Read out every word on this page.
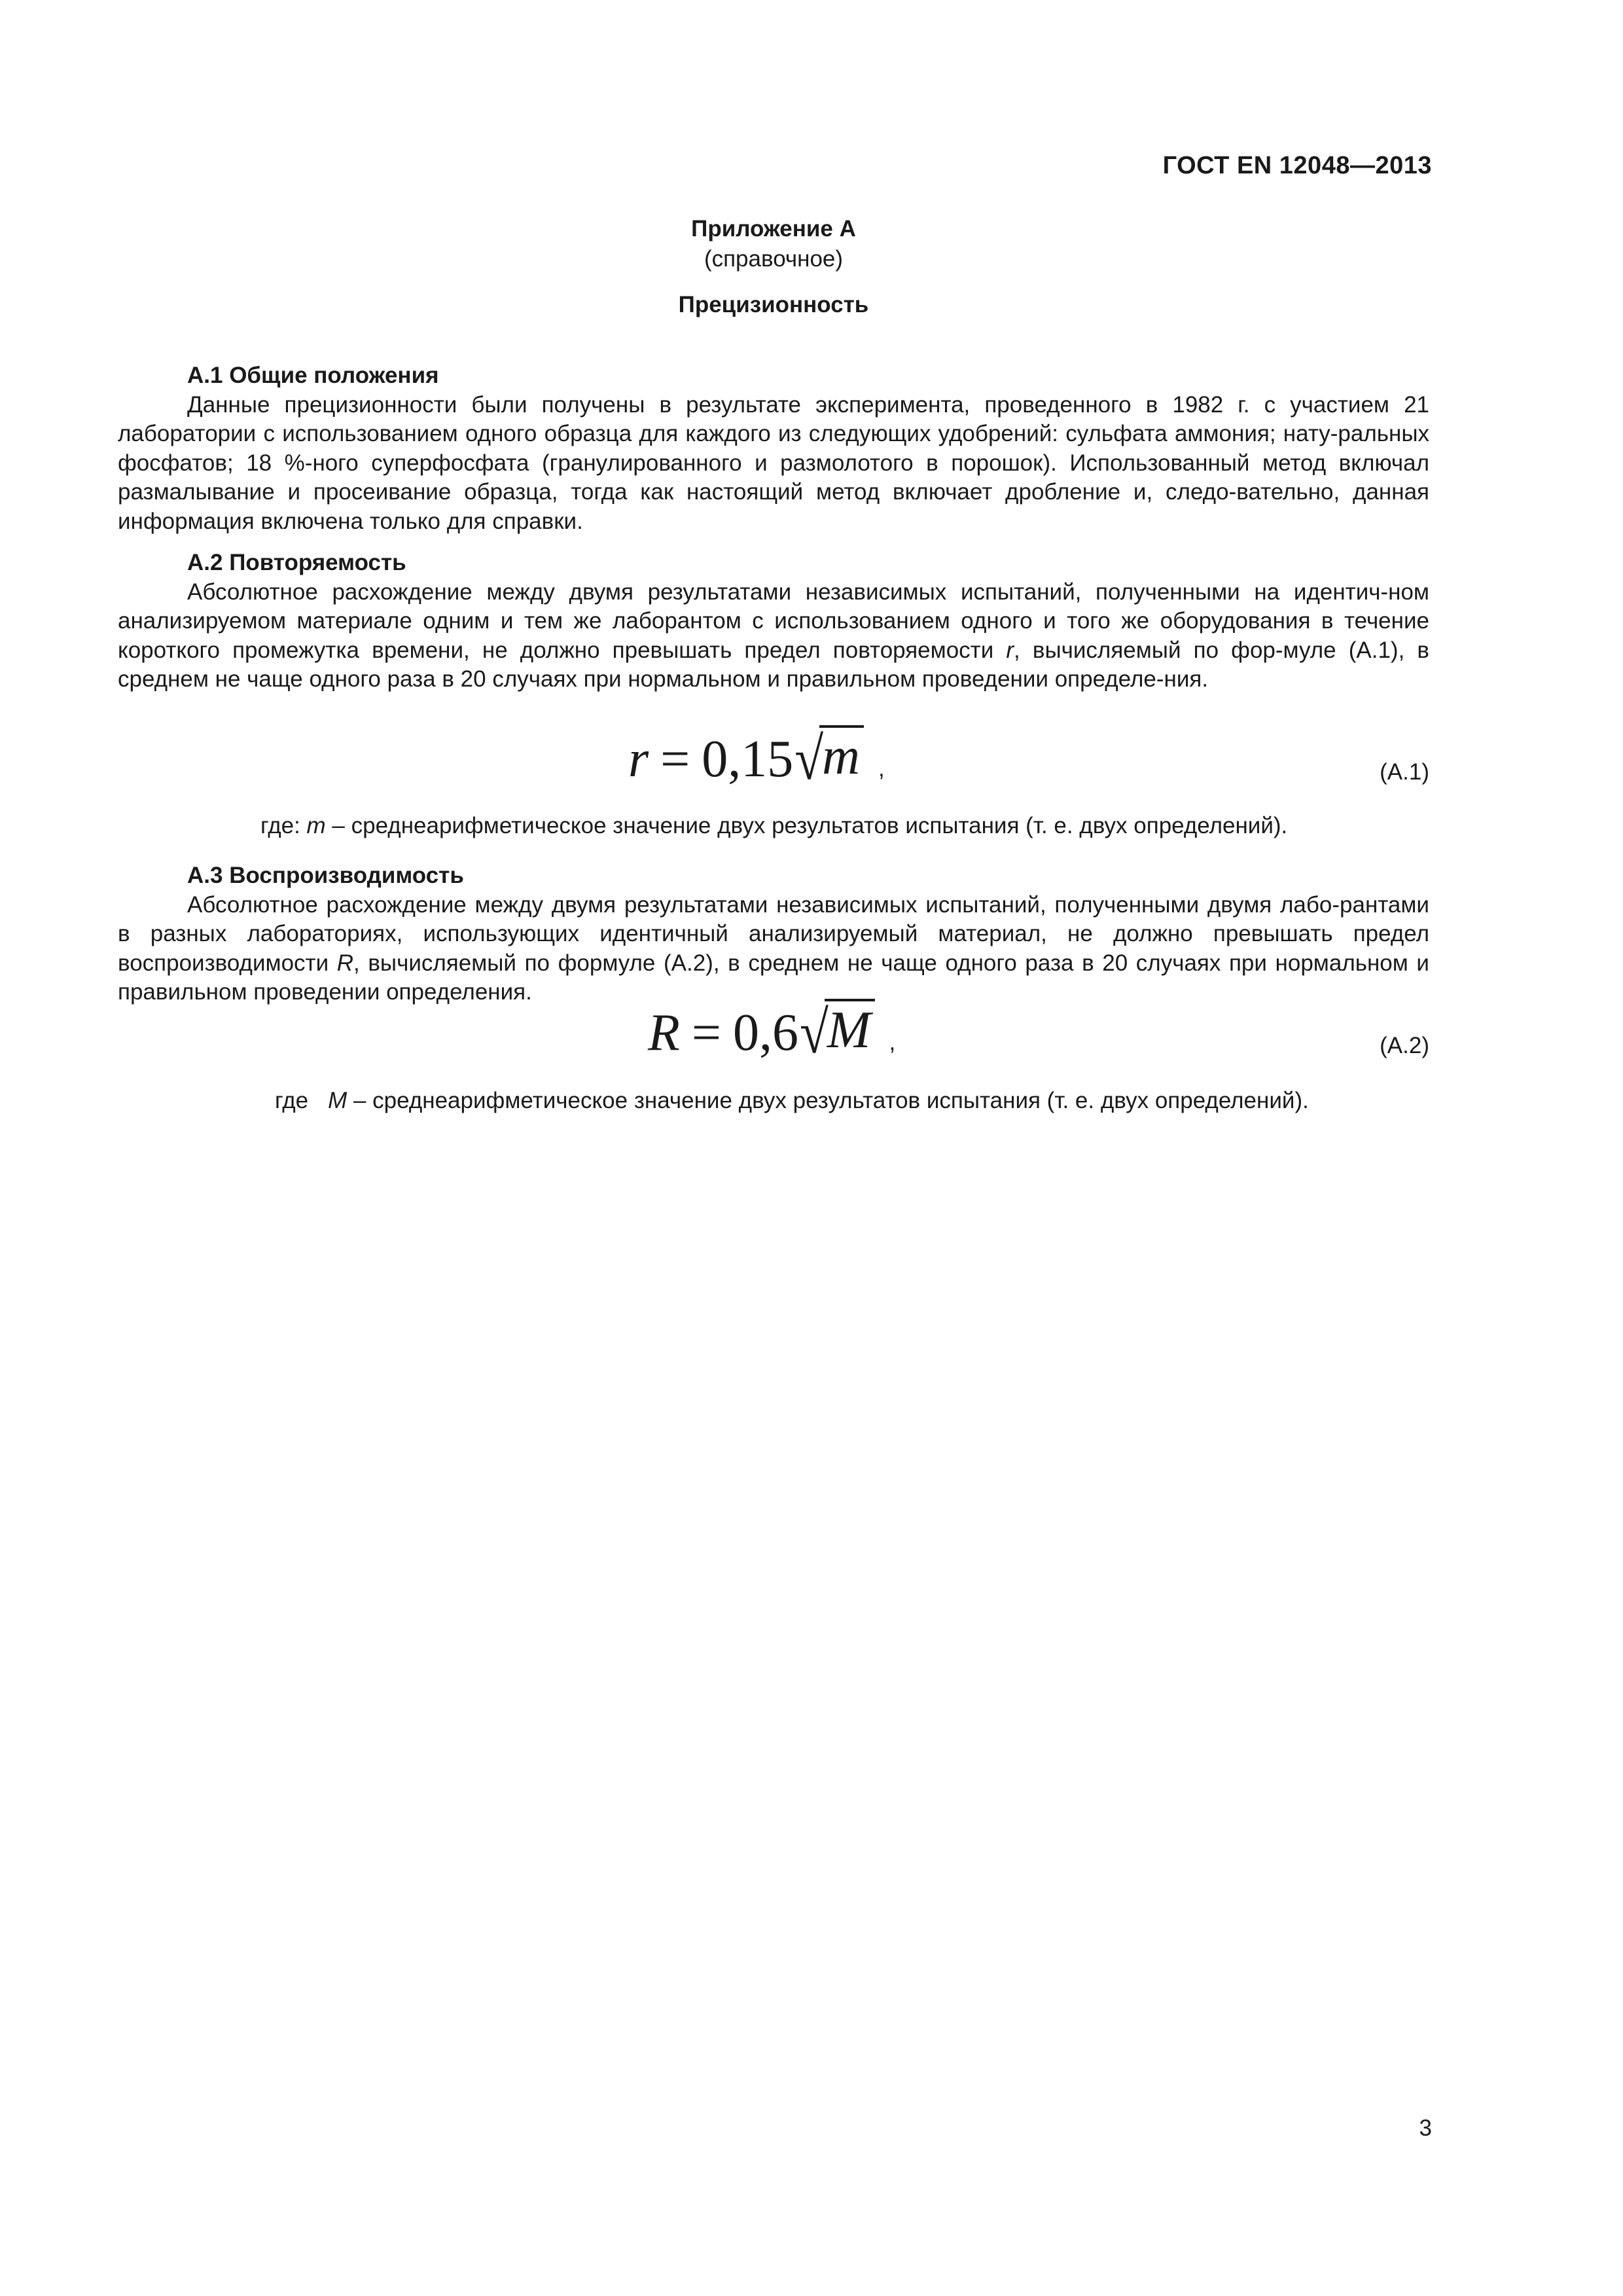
ГОСТ EN 12048—2013
Приложение А
(справочное)
Прецизионность

А.1 Общие положения

Данные прецизионности были получены в результате эксперимента, проведенного в 1982 г. с участием 21 лаборатории с использованием одного образца для каждого из следующих удобрений: сульфата аммония; нату-ральных фосфатов; 18 %-ного суперфосфата (гранулированного и размолотого в порошок). Использованный метод включал размалывание и просеивание образца, тогда как настоящий метод включает дробление и, следо-вательно, данная информация включена только для справки.

А.2 Повторяемость

Абсолютное расхождение между двумя результатами независимых испытаний, полученными на идентич-ном анализируемом материале одним и тем же лаборантом с использованием одного и того же оборудования в течение короткого промежутка времени, не должно превышать предел повторяемости r, вычисляемый по фор-муле (А.1), в среднем не чаще одного раза в 20 случаях при нормальном и правильном проведении определе-ния.

r = 0,15√m ,	(А.1)
где: m – среднеарифметическое значение двух результатов испытания (т. е. двух определений).

А.3 Воспроизводимость

Абсолютное расхождение между двумя результатами независимых испытаний, полученными двумя лабо-рантами в разных лабораториях, использующих идентичный анализируемый материал, не должно превышать предел воспроизводимости R, вычисляемый по формуле (А.2), в среднем не чаще одного раза в 20 случаях при нормальном и правильном проведении определения.

R = 0,6√M ,	(А.2)
где M – среднеарифметическое значение двух результатов испытания (т. е. двух определений).
3
